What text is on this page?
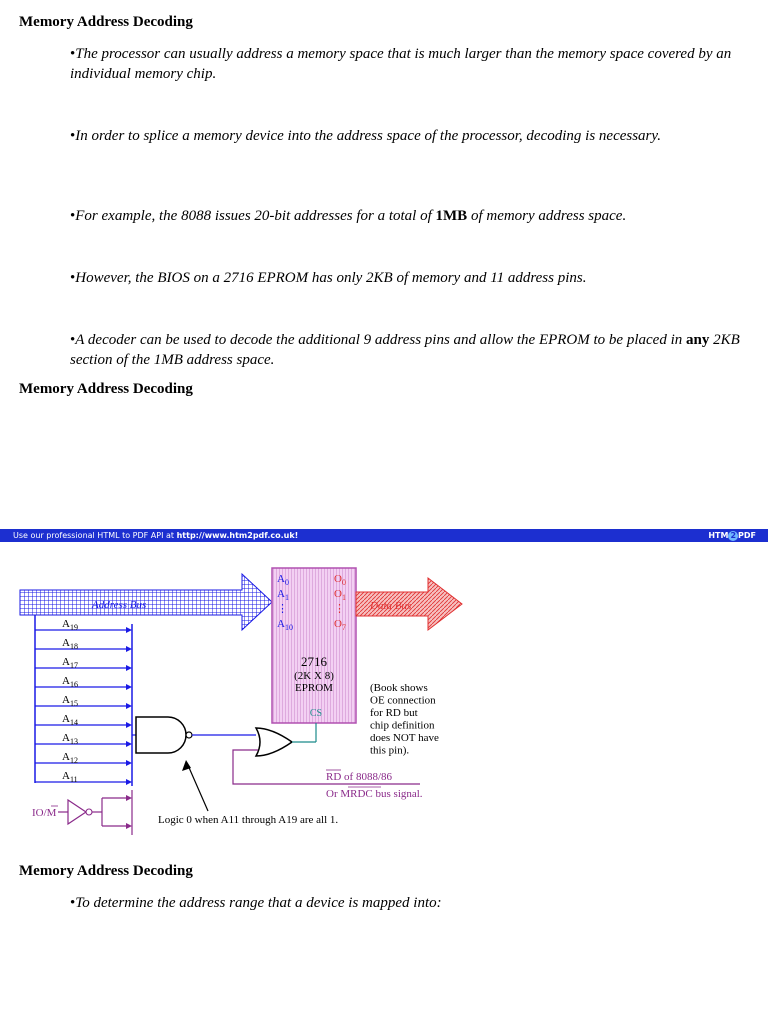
Memory Address Decoding
•The processor can usually address a memory space that is much larger than the memory space covered by an individual memory chip.
•In order to splice a memory device into the address space of the processor, decoding is necessary.
•For example, the 8088 issues 20-bit addresses for a total of 1MB of memory address space.
•However, the BIOS on a 2716 EPROM has only 2KB of memory and 11 address pins.
•A decoder can be used to decode the additional 9 address pins and allow the EPROM to be placed in any 2KB section of the 1MB address space.
Memory Address Decoding
Use our professional HTML to PDF API at http://www.htm2pdf.co.uk!	HTM 2 PDF
Address Bus
$A_{19}$
$A_{18}$
$A_{17}$
$A_{16}$
$A_{15}$
$A_{14}$
$A_{13}$
$A_{12}$
$A_{11}$
$A_0$
$A_1$
⋮
$A_{10}$
$O_0$
$O_1$
⋮
$O_7$
2716
(2K X 8)
EPROM
CS
Data Bus
(Book shows
OE connection
for RD but
chip definition
does NOT have
this pin).
RD of 8088/86
Or MRDC bus signal.
IO/M
Logic 0 when A11 through A19 are all 1.
Memory Address Decoding
•To determine the address range that a device is mapped into:
